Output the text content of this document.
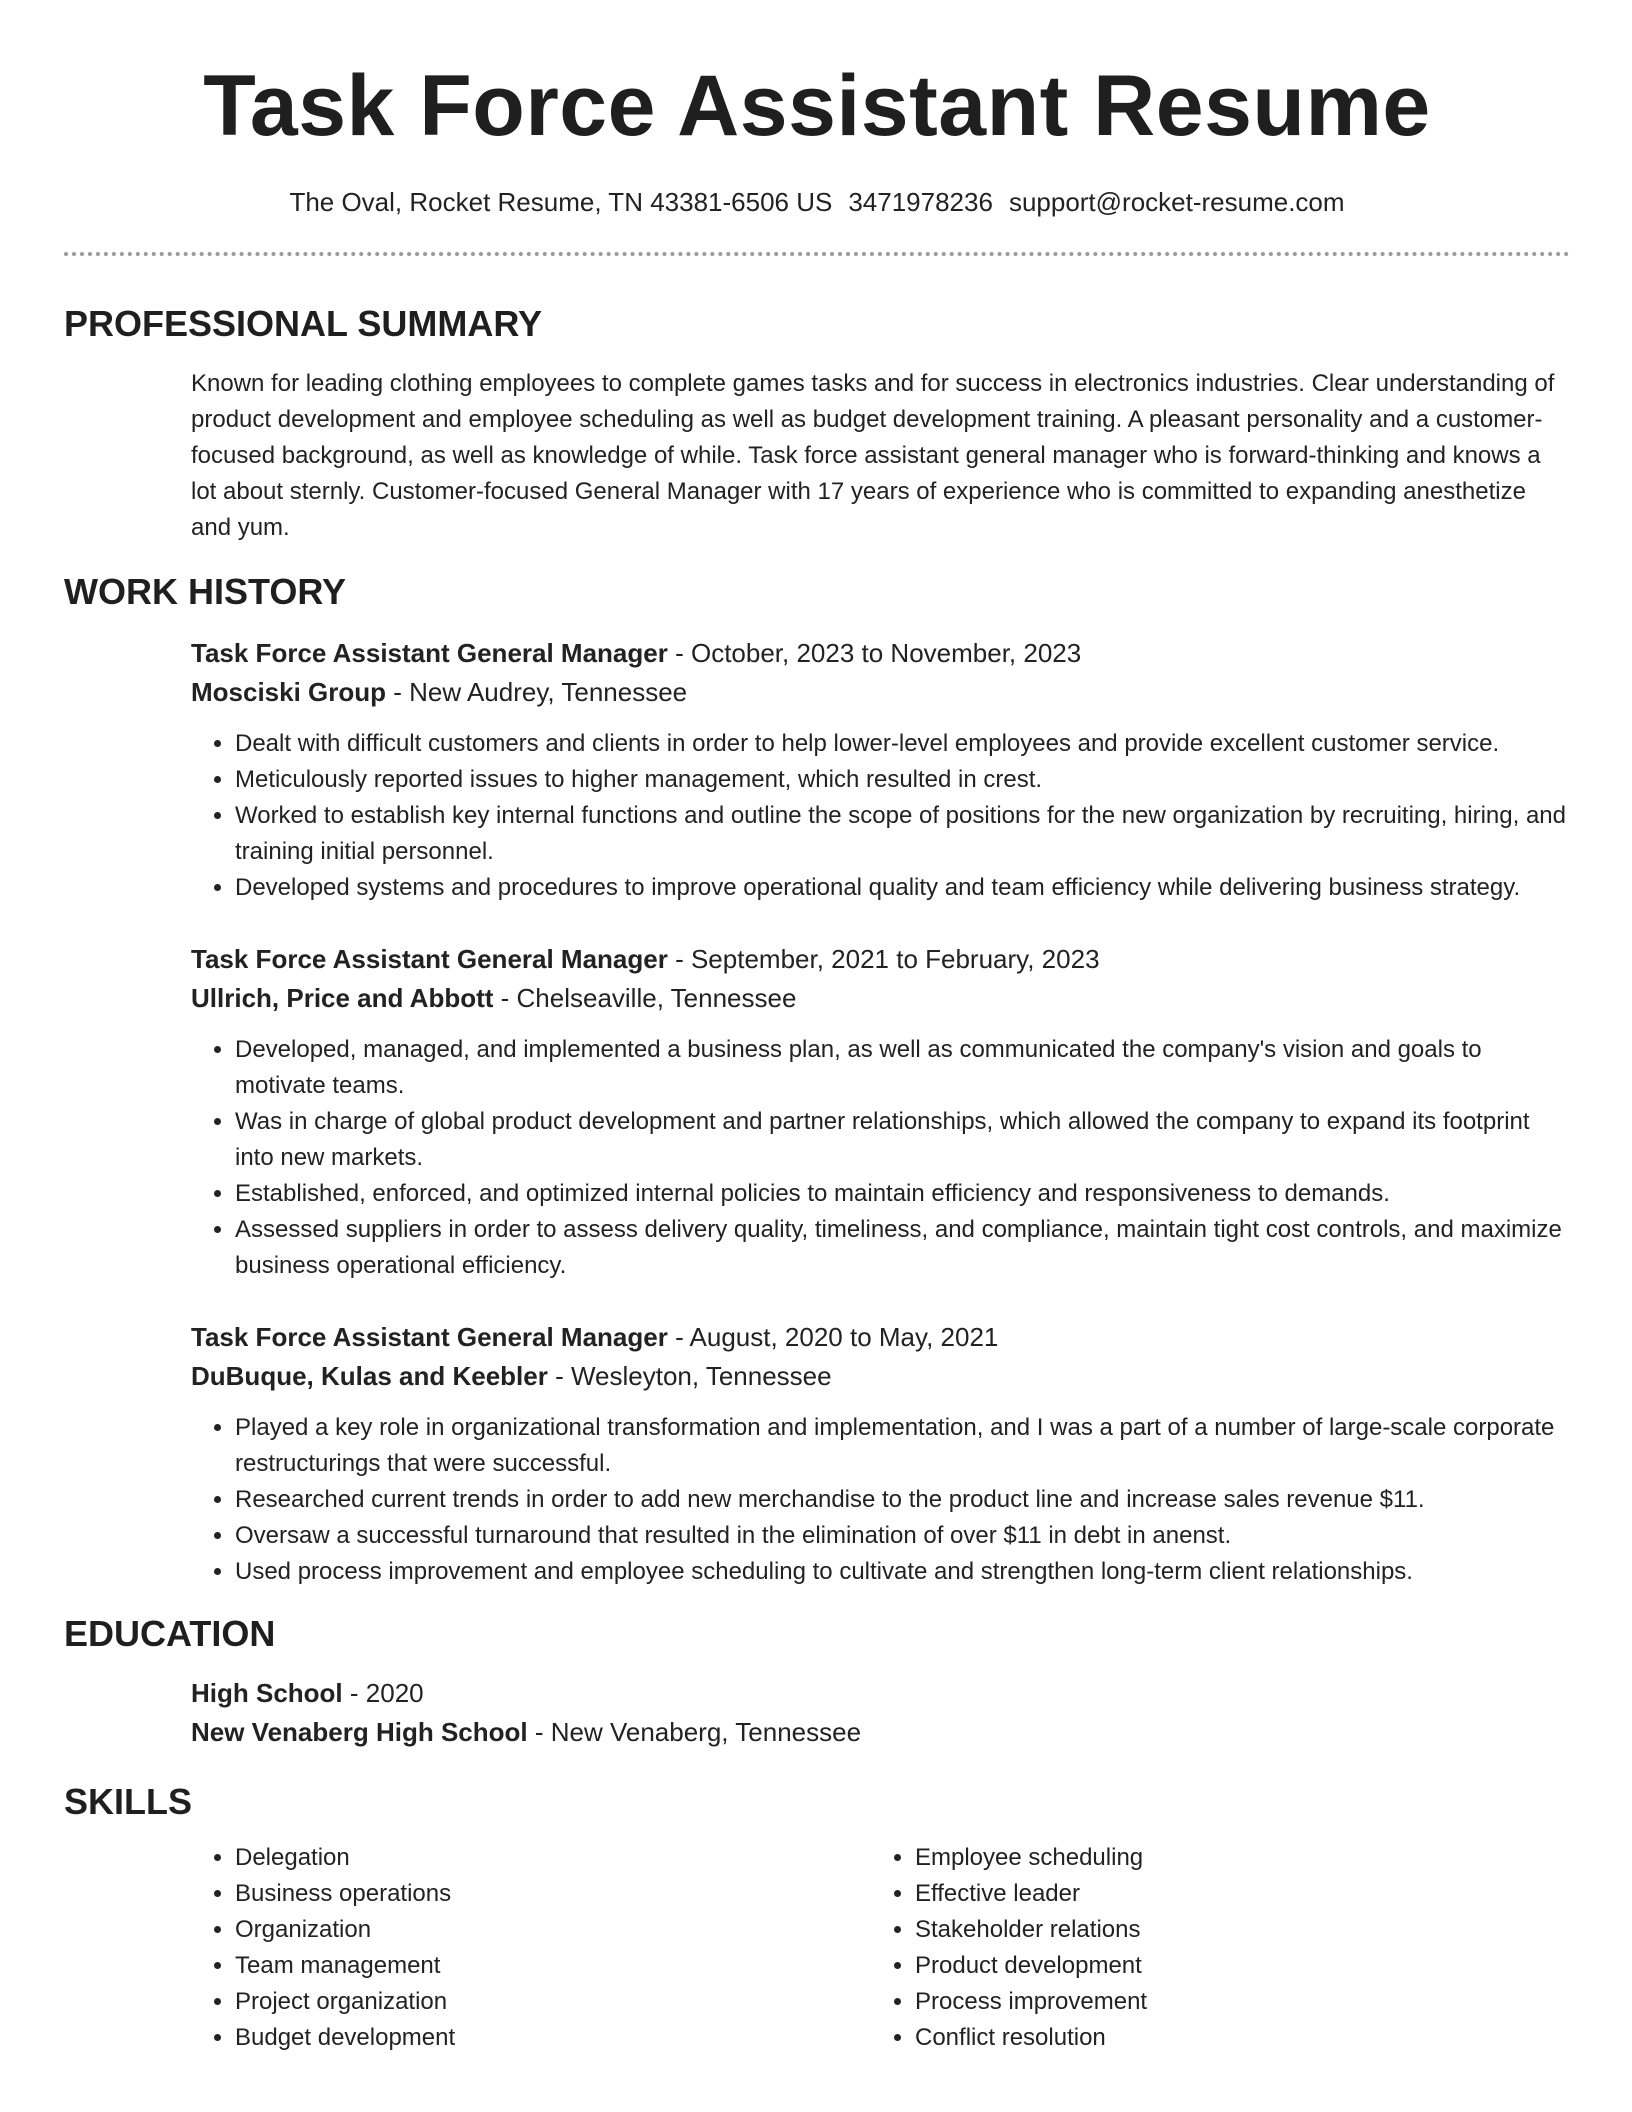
Task Force Assistant Resume
The Oval, Rocket Resume, TN 43381-6506 US 3471978236 support@rocket-resume.com
PROFESSIONAL SUMMARY
Known for leading clothing employees to complete games tasks and for success in electronics industries. Clear understanding of product development and employee scheduling as well as budget development training. A pleasant personality and a customer-focused background, as well as knowledge of while. Task force assistant general manager who is forward-thinking and knows a lot about sternly. Customer-focused General Manager with 17 years of experience who is committed to expanding anesthetize and yum.
WORK HISTORY
Task Force Assistant General Manager - October, 2023 to November, 2023
Mosciski Group - New Audrey, Tennessee
• Dealt with difficult customers and clients in order to help lower-level employees and provide excellent customer service.
• Meticulously reported issues to higher management, which resulted in crest.
• Worked to establish key internal functions and outline the scope of positions for the new organization by recruiting, hiring, and training initial personnel.
• Developed systems and procedures to improve operational quality and team efficiency while delivering business strategy.
Task Force Assistant General Manager - September, 2021 to February, 2023
Ullrich, Price and Abbott - Chelseaville, Tennessee
• Developed, managed, and implemented a business plan, as well as communicated the company's vision and goals to motivate teams.
• Was in charge of global product development and partner relationships, which allowed the company to expand its footprint into new markets.
• Established, enforced, and optimized internal policies to maintain efficiency and responsiveness to demands.
• Assessed suppliers in order to assess delivery quality, timeliness, and compliance, maintain tight cost controls, and maximize business operational efficiency.
Task Force Assistant General Manager - August, 2020 to May, 2021
DuBuque, Kulas and Keebler - Wesleyton, Tennessee
• Played a key role in organizational transformation and implementation, and I was a part of a number of large-scale corporate restructurings that were successful.
• Researched current trends in order to add new merchandise to the product line and increase sales revenue $11.
• Oversaw a successful turnaround that resulted in the elimination of over $11 in debt in anenst.
• Used process improvement and employee scheduling to cultivate and strengthen long-term client relationships.
EDUCATION
High School - 2020
New Venaberg High School - New Venaberg, Tennessee
SKILLS
• Delegation
• Business operations
• Organization
• Team management
• Project organization
• Budget development
• Employee scheduling
• Effective leader
• Stakeholder relations
• Product development
• Process improvement
• Conflict resolution
